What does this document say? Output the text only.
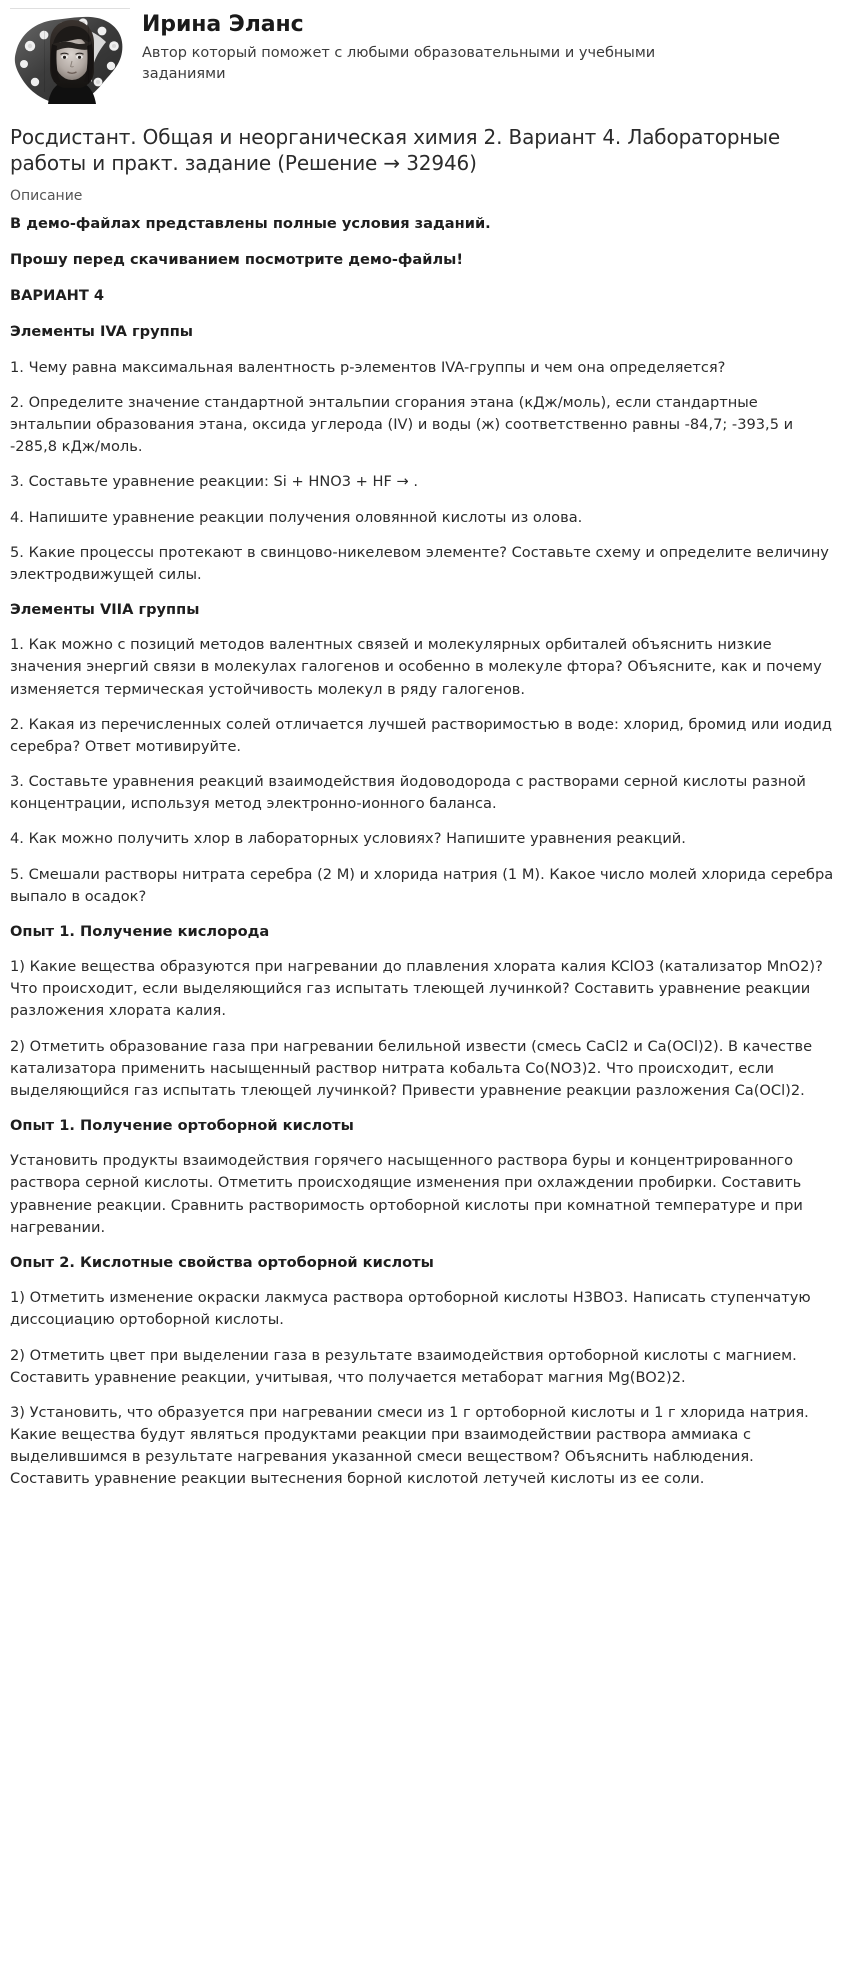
Ирина Эланс
Автор который поможет с любыми образовательными и учебными заданиями
Росдистант. Общая и неорганическая химия 2. Вариант 4. Лабораторные работы и практ. задание (Решение → 32946)
Описание

В демо-файлах представлены полные условия заданий.

Прошу перед скачиванием посмотрите демо-файлы!

ВАРИАНТ 4

Элементы IVA группы

1. Чему равна максимальная валентность p-элементов IVA-группы и чем она определяется?

2. Определите значение стандартной энтальпии сгорания этана (кДж/моль), если стандартные энтальпии образования этана, оксида углерода (IV) и воды (ж) соответственно равны -84,7; -393,5 и -285,8 кДж/моль.

3. Составьте уравнение реакции: Si + HNO3 + HF → .

4. Напишите уравнение реакции получения оловянной кислоты из олова.

5. Какие процессы протекают в свинцово-никелевом элементе? Составьте схему и определите величину электродвижущей силы.

Элементы VIIA группы

1. Как можно с позиций методов валентных связей и молекулярных орбиталей объяснить низкие значения энергий связи в молекулах галогенов и особенно в молекуле фтора? Объясните, как и почему изменяется термическая устойчивость молекул в ряду галогенов.

2. Какая из перечисленных солей отличается лучшей растворимостью в воде: хлорид, бромид или иодид серебра? Ответ мотивируйте.

3. Составьте уравнения реакций взаимодействия йодоводорода с растворами серной кислоты разной концентрации, используя метод электронно-ионного баланса.

4. Как можно получить хлор в лабораторных условиях? Напишите уравнения реакций.

5. Смешали растворы нитрата серебра (2 М) и хлорида натрия (1 М). Какое число молей хлорида серебра выпало в осадок?

Опыт 1. Получение кислорода

1) Какие вещества образуются при нагревании до плавления хлората калия KClO3 (катализатор MnO2)? Что происходит, если выделяющийся газ испытать тлеющей лучинкой? Составить уравнение реакции разложения хлората калия.

2) Отметить образование газа при нагревании белильной извести (смесь CaCl2 и Ca(OCl)2). В качестве катализатора применить насыщенный раствор нитрата кобальта Co(NO3)2. Что происходит, если выделяющийся газ испытать тлеющей лучинкой? Привести уравнение реакции разложения Ca(OCl)2.

Опыт 1. Получение ортоборной кислоты

Установить продукты взаимодействия горячего насыщенного раствора буры и концентрированного раствора серной кислоты. Отметить происходящие изменения при охлаждении пробирки. Составить уравнение реакции. Сравнить растворимость ортоборной кислоты при комнатной температуре и при нагревании.

Опыт 2. Кислотные свойства ортоборной кислоты

1) Отметить изменение окраски лакмуса раствора ортоборной кислоты H3BO3. Написать ступенчатую диссоциацию ортоборной кислоты.

2) Отметить цвет при выделении газа в результате взаимодействия ортоборной кислоты с магнием. Составить уравнение реакции, учитывая, что получается метаборат магния Mg(BO2)2.

3) Установить, что образуется при нагревании смеси из 1 г ортоборной кислоты и 1 г хлорида натрия. Какие вещества будут являться продуктами реакции при взаимодействии раствора аммиака с выделившимся в результате нагревания указанной смеси веществом? Объяснить наблюдения. Составить уравнение реакции вытеснения борной кислотой летучей кислоты из ее соли.
